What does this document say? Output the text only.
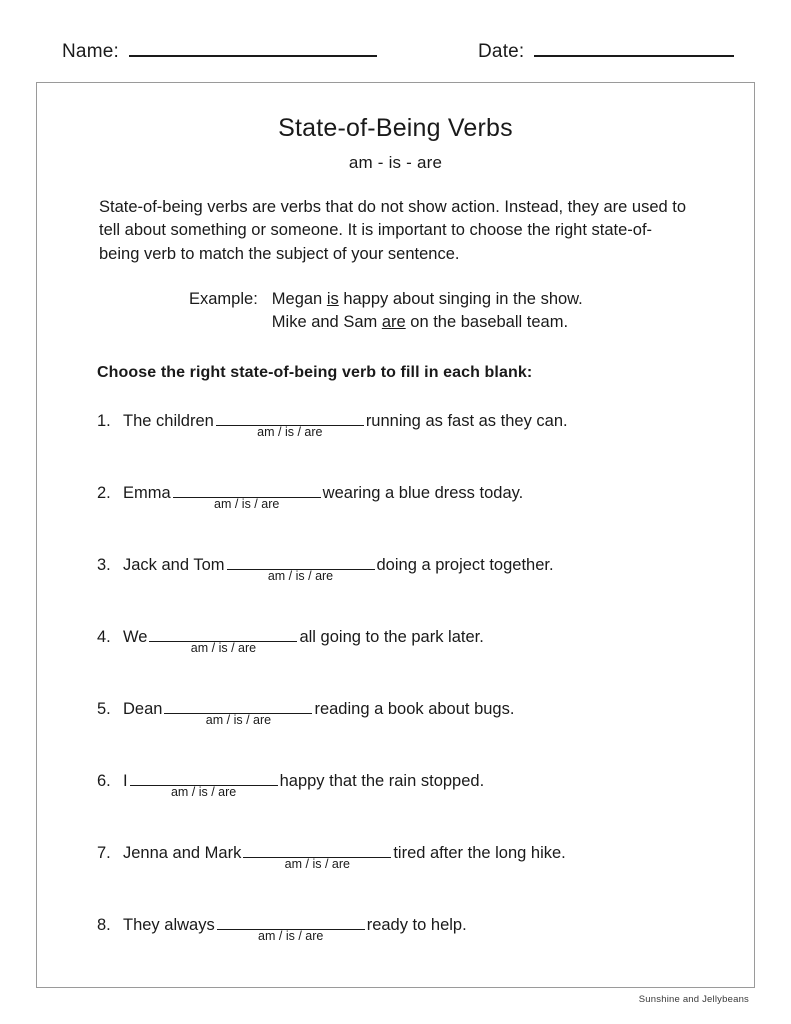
Name:	Date:
State-of-Being Verbs
am - is - are

State-of-being verbs are verbs that do not show action. Instead, they are used to tell about something or someone. It is important to choose the right state-of-being verb to match the subject of your sentence.

Example: Megan is happy about singing in the show.
Mike and Sam are on the baseball team.
Choose the right state-of-being verb to fill in each blank:
1. The children
am / is / are
running as fast as they can.
2. Emma
am / is / are
wearing a blue dress today.
3. Jack and Tom
am / is / are
doing a project together.
4. We
am / is / are
all going to the park later.
5. Dean
am / is / are
reading a book about bugs.
6. I
am / is / are
happy that the rain stopped.
7. Jenna and Mark
am / is / are
tired after the long hike.
8. They always
am / is / are
ready to help.
Sunshine and Jellybeans
